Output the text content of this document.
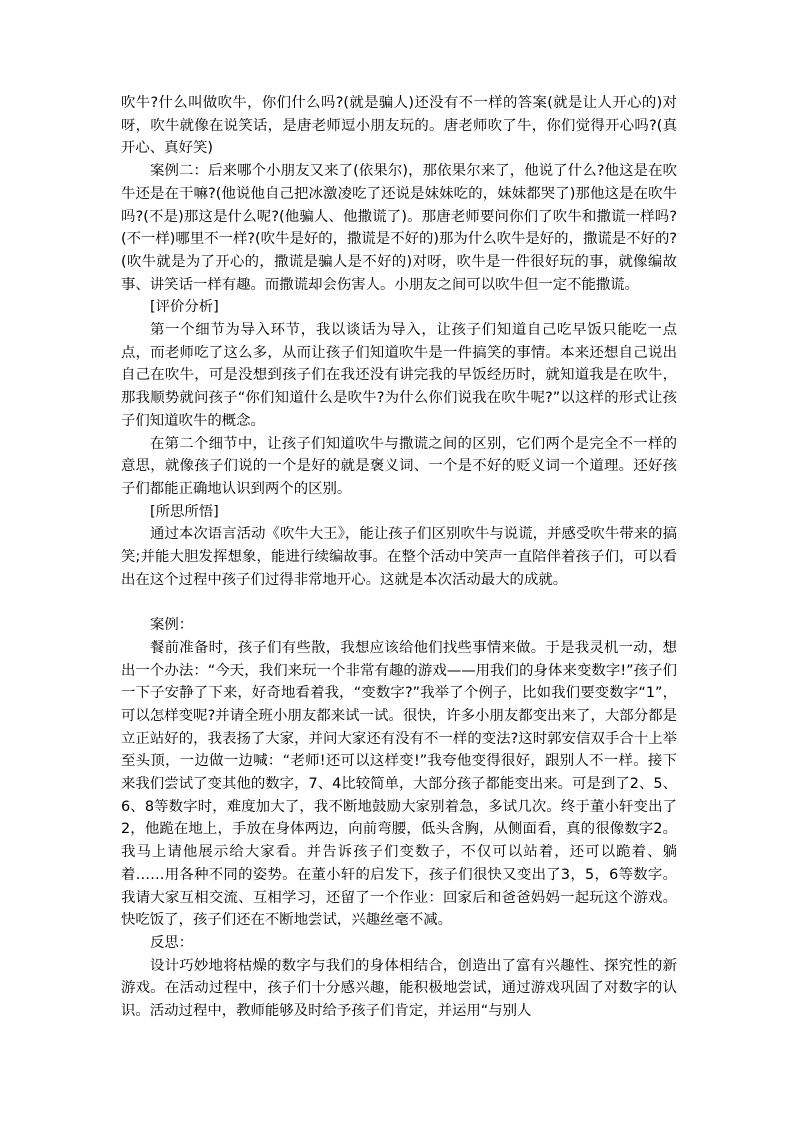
吹牛?什么叫做吹牛，你们什么吗?(就是骗人)还没有不一样的答案(就是让人开心的)对呀，吹牛就像在说笑话，是唐老师逗小朋友玩的。唐老师吹了牛，你们觉得开心吗?(真开心、真好笑)

案例二：后来哪个小朋友又来了(依果尔)，那依果尔来了，他说了什么?他这是在吹牛还是在干嘛?(他说他自己把冰激凌吃了还说是妹妹吃的，妹妹都哭了)那他这是在吹牛吗?(不是)那这是什么呢?(他骗人、他撒谎了)。那唐老师要问你们了吹牛和撒谎一样吗?(不一样)哪里不一样?(吹牛是好的，撒谎是不好的)那为什么吹牛是好的，撒谎是不好的?(吹牛就是为了开心的，撒谎是骗人是不好的)对呀，吹牛是一件很好玩的事，就像编故事、讲笑话一样有趣。而撒谎却会伤害人。小朋友之间可以吹牛但一定不能撒谎。

[评价分析]

第一个细节为导入环节，我以谈话为导入，让孩子们知道自己吃早饭只能吃一点点，而老师吃了这么多，从而让孩子们知道吹牛是一件搞笑的事情。本来还想自己说出自己在吹牛，可是没想到孩子们在我还没有讲完我的早饭经历时，就知道我是在吹牛，那我顺势就问孩子“你们知道什么是吹牛?为什么你们说我在吹牛呢?”以这样的形式让孩子们知道吹牛的概念。

在第二个细节中，让孩子们知道吹牛与撒谎之间的区别，它们两个是完全不一样的意思，就像孩子们说的一个是好的就是褒义词、一个是不好的贬义词一个道理。还好孩子们都能正确地认识到两个的区别。

[所思所悟]

通过本次语言活动《吹牛大王》，能让孩子们区别吹牛与说谎，并感受吹牛带来的搞笑;并能大胆发挥想象，能进行续编故事。在整个活动中笑声一直陪伴着孩子们，可以看出在这个过程中孩子们过得非常地开心。这就是本次活动最大的成就。

案例：

餐前准备时，孩子们有些散，我想应该给他们找些事情来做。于是我灵机一动，想出一个办法：“今天，我们来玩一个非常有趣的游戏——用我们的身体来变数字!”孩子们一下子安静了下来，好奇地看着我，“变数字?”我举了个例子，比如我们要变数字“1”，可以怎样变呢?并请全班小朋友都来试一试。很快，许多小朋友都变出来了，大部分都是立正站好的，我表扬了大家，并问大家还有没有不一样的变法?这时郭安信双手合十上举至头顶，一边做一边喊：“老师!还可以这样变!”我夸他变得很好，跟别人不一样。接下来我们尝试了变其他的数字，7、4比较简单，大部分孩子都能变出来。可是到了2、5、6、8等数字时，难度加大了，我不断地鼓励大家别着急，多试几次。终于董小轩变出了2，他跪在地上，手放在身体两边，向前弯腰，低头含胸，从侧面看，真的很像数字2。我马上请他展示给大家看。并告诉孩子们变数子，不仅可以站着，还可以跪着、躺着……用各种不同的姿势。在董小轩的启发下，孩子们很快又变出了3，5，6等数字。我请大家互相交流、互相学习，还留了一个作业：回家后和爸爸妈妈一起玩这个游戏。快吃饭了，孩子们还在不断地尝试，兴趣丝毫不减。

反思：

设计巧妙地将枯燥的数字与我们的身体相结合，创造出了富有兴趣性、探究性的新游戏。在活动过程中，孩子们十分感兴趣，能积极地尝试，通过游戏巩固了对数字的认识。活动过程中，教师能够及时给予孩子们肯定，并运用“与别人
